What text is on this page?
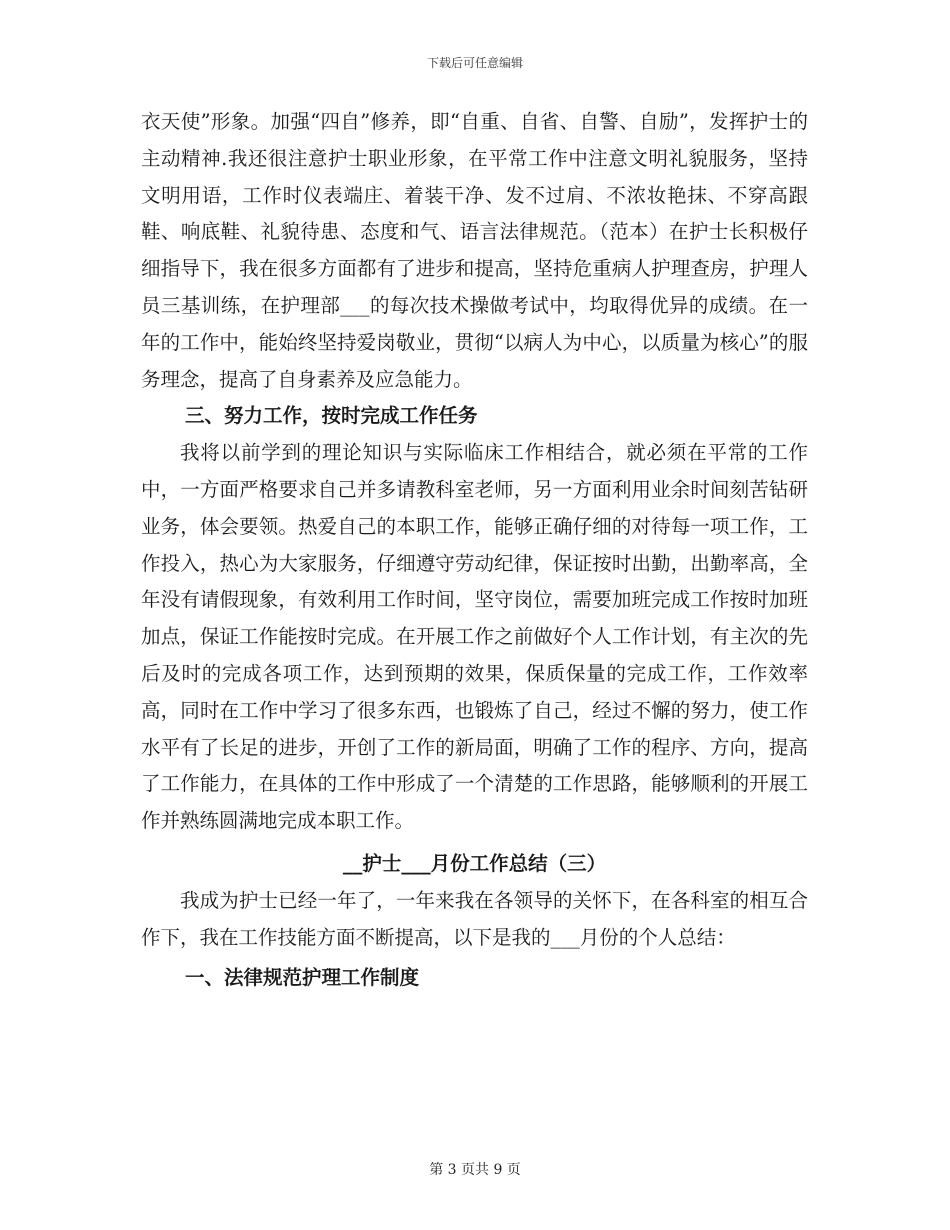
下载后可任意编辑

衣天使”形象。加强“四自”修养，即“自重、自省、自警、自励”，发挥护士的主动精神.我还很注意护士职业形象，在平常工作中注意文明礼貌服务，坚持文明用语，工作时仪表端庄、着装干净、发不过肩、不浓妆艳抹、不穿高跟鞋、响底鞋、礼貌待患、态度和气、语言法律规范。（范本）在护士长积极仔细指导下，我在很多方面都有了进步和提高，坚持危重病人护理查房，护理人员三基训练，在护理部___的每次技术操做考试中，均取得优异的成绩。在一年的工作中，能始终坚持爱岗敬业，贯彻“以病人为中心，以质量为核心”的服务理念，提高了自身素养及应急能力。

三、努力工作，按时完成工作任务

我将以前学到的理论知识与实际临床工作相结合，就必须在平常的工作中，一方面严格要求自己并多请教科室老师，另一方面利用业余时间刻苦钻研业务，体会要领。热爱自己的本职工作，能够正确仔细的对待每一项工作，工作投入，热心为大家服务，仔细遵守劳动纪律，保证按时出勤，出勤率高，全年没有请假现象，有效利用工作时间，坚守岗位，需要加班完成工作按时加班加点，保证工作能按时完成。在开展工作之前做好个人工作计划，有主次的先后及时的完成各项工作，达到预期的效果，保质保量的完成工作，工作效率高，同时在工作中学习了很多东西，也锻炼了自己，经过不懈的努力，使工作水平有了长足的进步，开创了工作的新局面，明确了工作的程序、方向，提高了工作能力，在具体的工作中形成了一个清楚的工作思路，能够顺利的开展工作并熟练圆满地完成本职工作。

__护士___月份工作总结（三）

我成为护士已经一年了，一年来我在各领导的关怀下，在各科室的相互合作下，我在工作技能方面不断提高，以下是我的___月份的个人总结：

一、法律规范护理工作制度

第 3 页共 9 页
